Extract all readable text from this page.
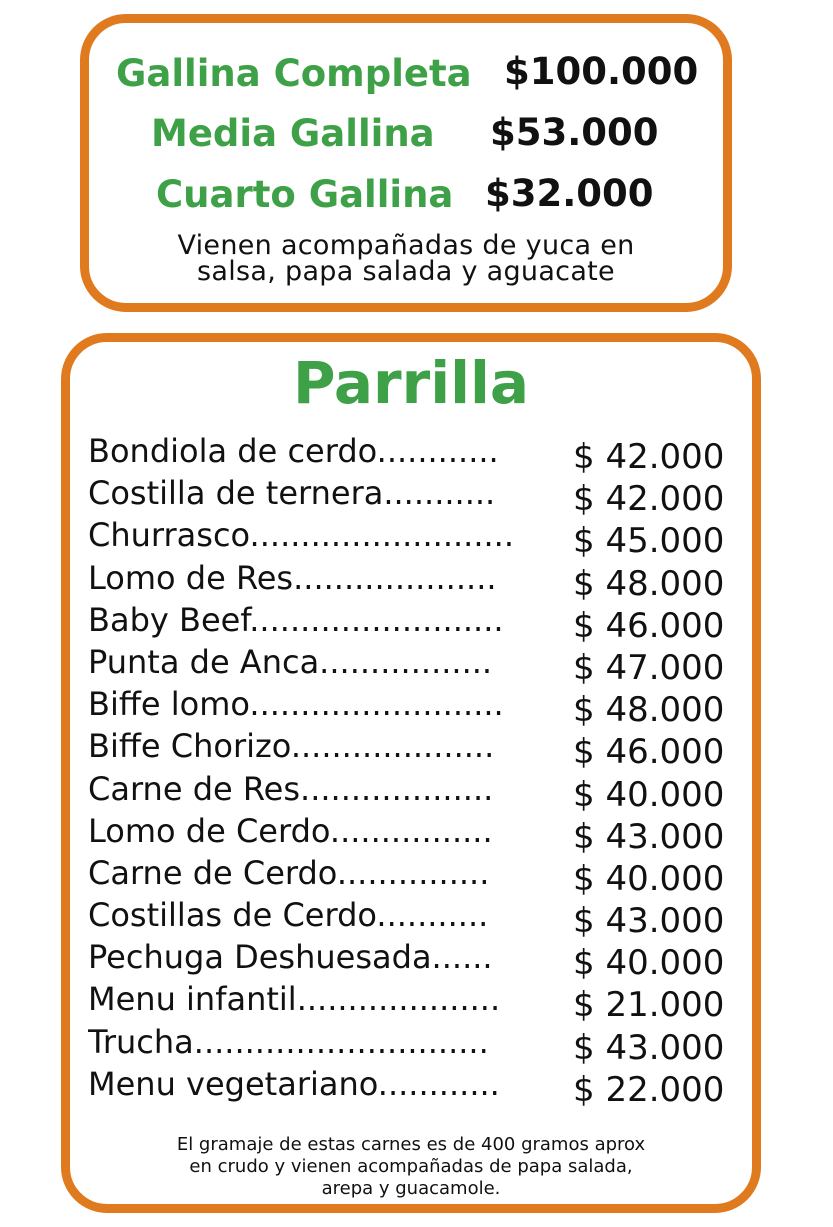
Gallina Completa $100.000
Media Gallina $53.000
Cuarto Gallina $32.000
Vienen acompañadas de yuca en
salsa, papa salada y aguacate
Parrilla
Bondiola de cerdo............	$ 42.000
Costilla de ternera...........	$ 42.000
Churrasco..........................	$ 45.000
Lomo de Res....................	$ 48.000
Baby Beef.........................	$ 46.000
Punta de Anca.................	$ 47.000
Biffe lomo.........................	$ 48.000
Biffe Chorizo....................	$ 46.000
Carne de Res...................	$ 40.000
Lomo de Cerdo................	$ 43.000
Carne de Cerdo...............	$ 40.000
Costillas de Cerdo...........	$ 43.000
Pechuga Deshuesada......	$ 40.000
Menu infantil....................	$ 21.000
Trucha.............................	$ 43.000
Menu vegetariano............	$ 22.000
El gramaje de estas carnes es de 400 gramos aprox
en crudo y vienen acompañadas de papa salada,
arepa y guacamole.
